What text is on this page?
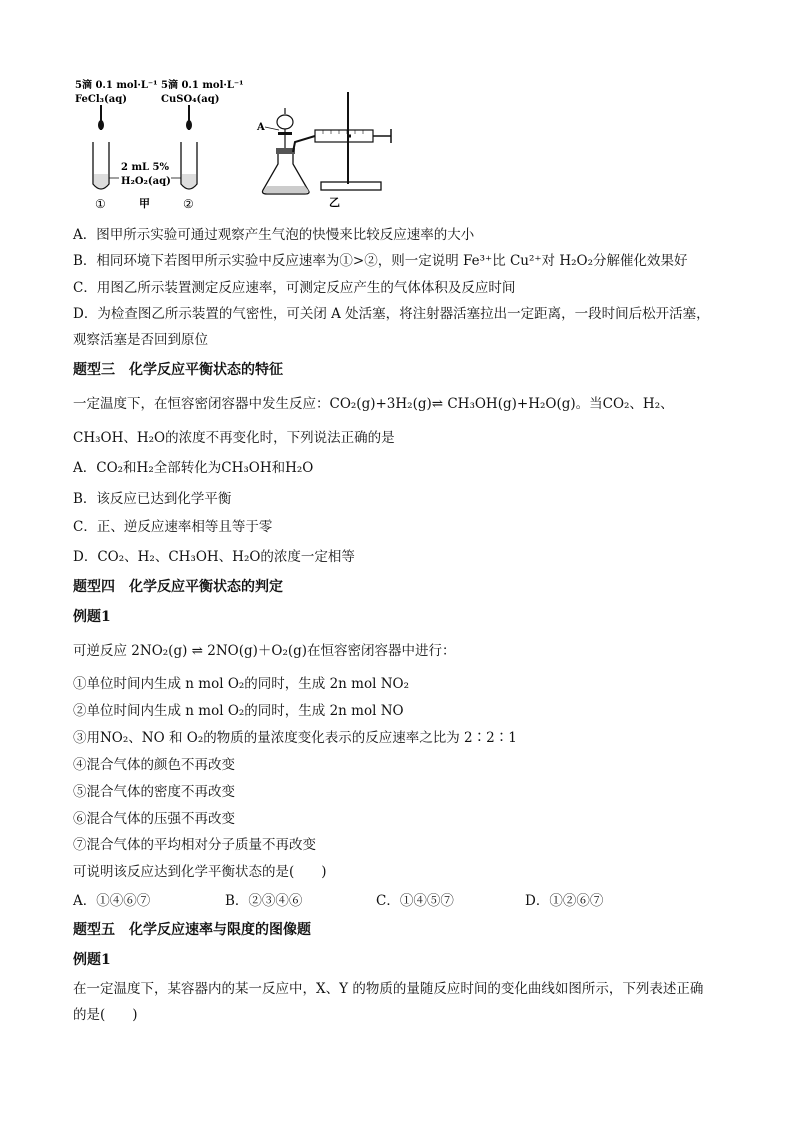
5滴 0.1 mol·L⁻¹
FeCl₃(aq)
5滴 0.1 mol·L⁻¹
CuSO₄(aq)
2 mL 5%
H₂O₂(aq)
①	甲	②
A
乙
A．图甲所示实验可通过观察产生气泡的快慢来比较反应速率的大小
B．相同环境下若图甲所示实验中反应速率为①>②，则一定说明 Fe³⁺比 Cu²⁺对 H₂O₂分解催化效果好
C．用图乙所示装置测定反应速率，可测定反应产生的气体体积及反应时间
D．为检查图乙所示装置的气密性，可关闭 A 处活塞，将注射器活塞拉出一定距离，一段时间后松开活塞，
观察活塞是否回到原位
题型三　化学反应平衡状态的特征
一定温度下，在恒容密闭容器中发生反应：CO₂(g)+3H₂(g)⇌ CH₃OH(g)+H₂O(g)。当CO₂、H₂、
CH₃OH、H₂O的浓度不再变化时，下列说法正确的是
A．CO₂和H₂全部转化为CH₃OH和H₂O
B．该反应已达到化学平衡
C．正、逆反应速率相等且等于零
D．CO₂、H₂、CH₃OH、H₂O的浓度一定相等
题型四　化学反应平衡状态的判定
例题1
可逆反应 2NO₂(g) ⇌ 2NO(g)＋O₂(g)在恒容密闭容器中进行：
①单位时间内生成 n mol O₂的同时，生成 2n mol NO₂
②单位时间内生成 n mol O₂的同时，生成 2n mol NO
③用NO₂、NO 和 O₂的物质的量浓度变化表示的反应速率之比为 2∶2∶1
④混合气体的颜色不再改变
⑤混合气体的密度不再改变
⑥混合气体的压强不再改变
⑦混合气体的平均相对分子质量不再改变
可说明该反应达到化学平衡状态的是(　　)
A．①④⑥⑦	B．②③④⑥	C．①④⑤⑦	D．①②⑥⑦
题型五　化学反应速率与限度的图像题
例题1
在一定温度下，某容器内的某一反应中，X、Y 的物质的量随反应时间的变化曲线如图所示，下列表述正确
的是(　　)
